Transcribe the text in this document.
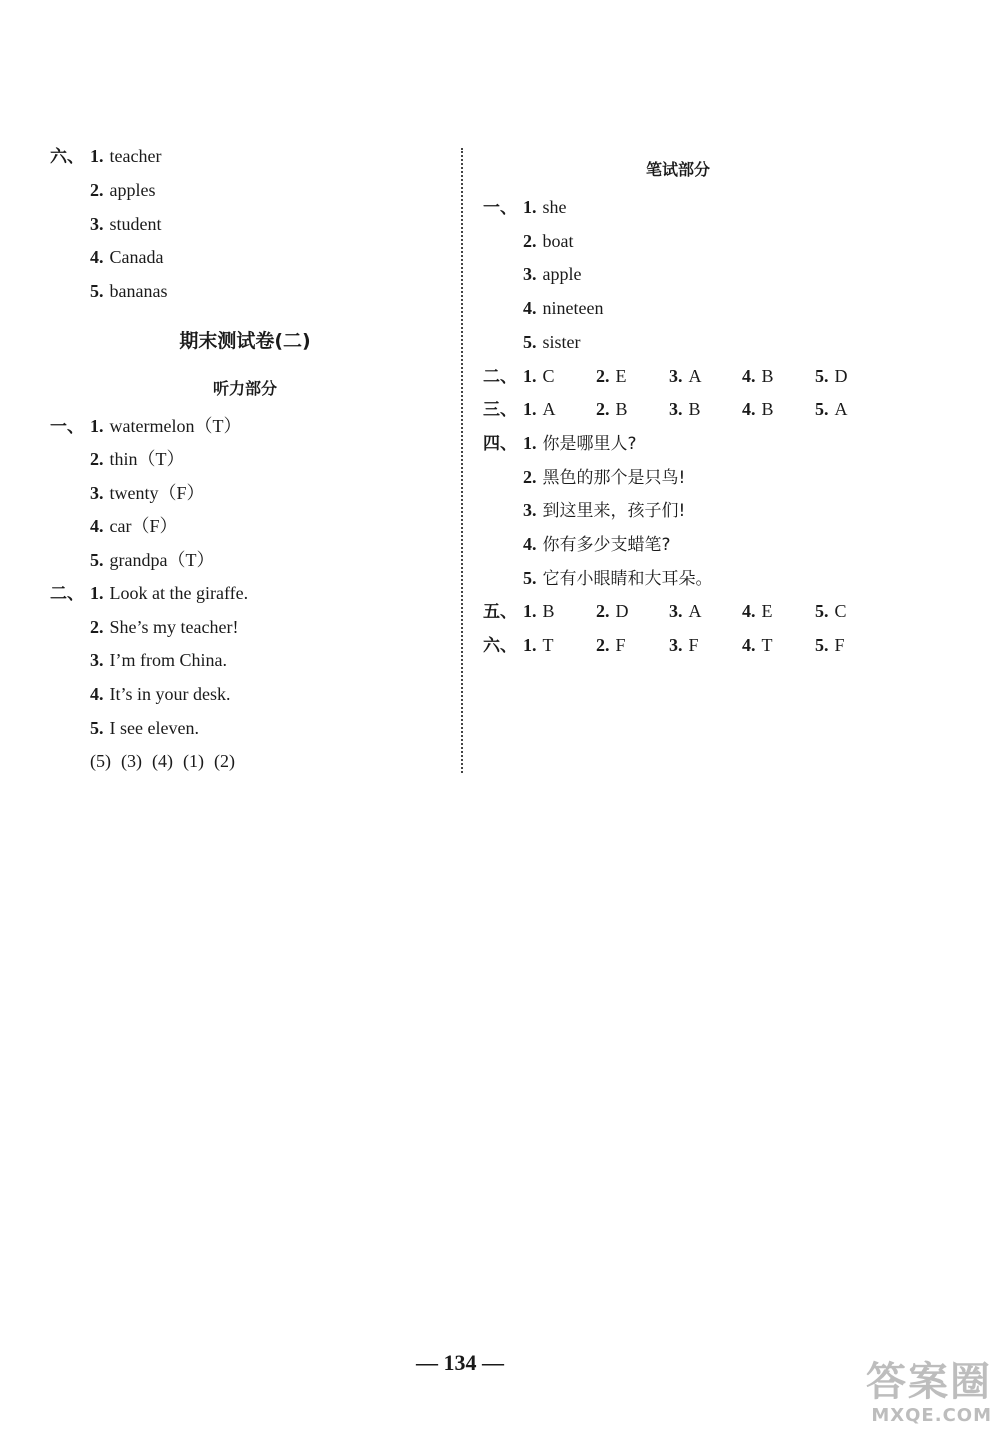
六、 1. teacher
2. apples
3. student
4. Canada
5. bananas
期末测试卷(二)
听力部分
一、 1. watermelon（T）
2. thin（T）
3. twenty（F）
4. car（F）
5. grandpa（T）
二、 1. Look at the giraffe.
2. She’s my teacher!
3. I’m from China.
4. It’s in your desk.
5. I see eleven.
(5) (3) (4) (1) (2)
笔试部分
一、 1. she
2. boat
3. apple
4. nineteen
5. sister
二、 1. C 2. E 3. A 4. B 5. D
三、 1. A 2. B 3. B 4. B 5. A
四、 1. 你是哪里人?
2. 黑色的那个是只鸟!
3. 到这里来，孩子们!
4. 你有多少支蜡笔?
5. 它有小眼睛和大耳朵。
五、 1. B 2. D 3. A 4. E 5. C
六、 1. T 2. F 3. F 4. T 5. F
— 134 —	答案圈
MXQE.COM
